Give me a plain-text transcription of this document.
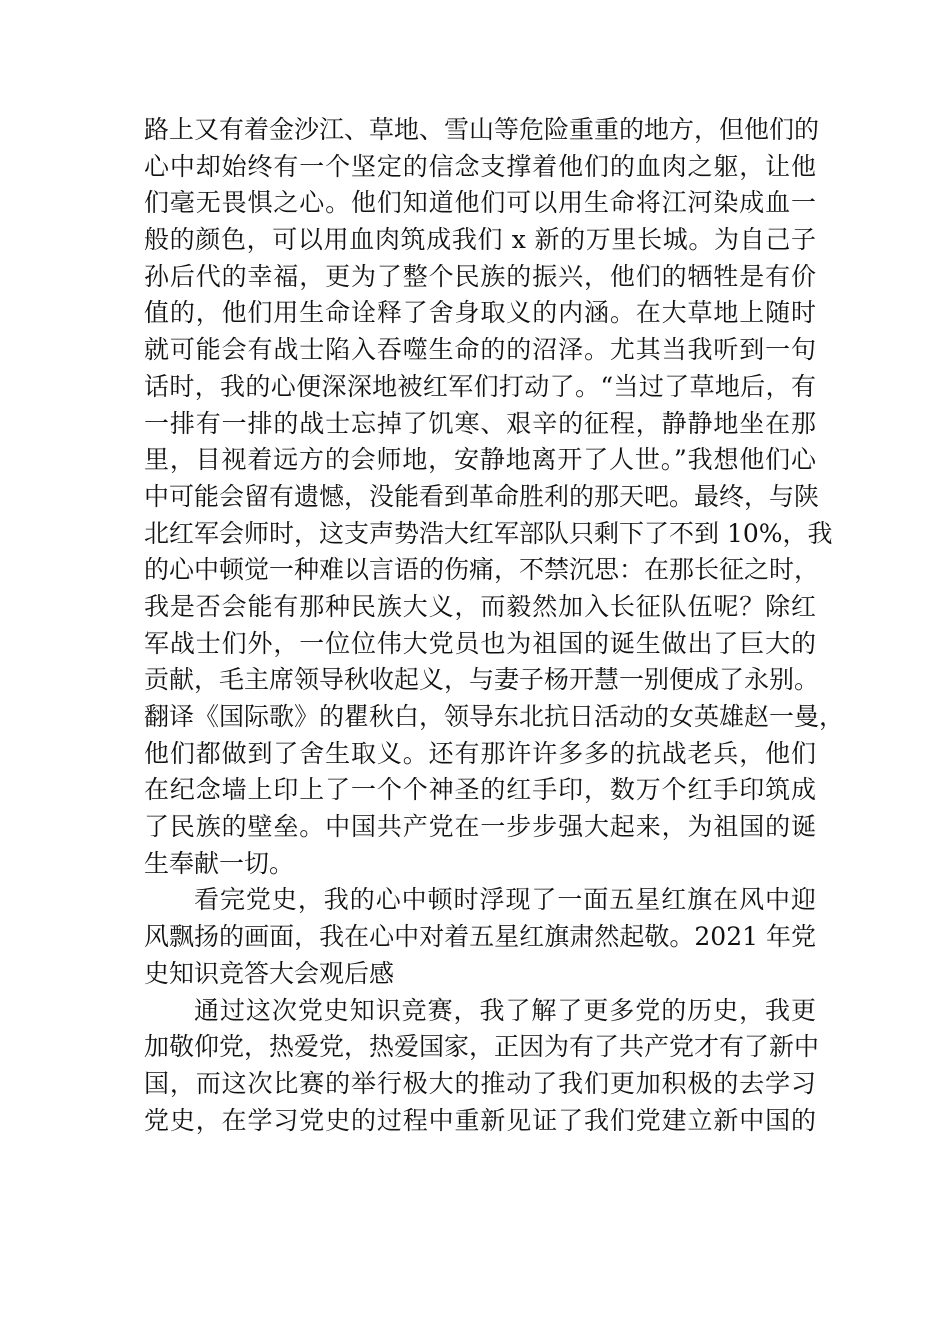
路上又有着金沙江、草地、雪山等危险重重的地方，但他们的
心中却始终有一个坚定的信念支撑着他们的血肉之躯，让他
们毫无畏惧之心。他们知道他们可以用生命将江河染成血一
般的颜色，可以用血肉筑成我们 x 新的万里长城。为自己子
孙后代的幸福，更为了整个民族的振兴，他们的牺牲是有价
值的，他们用生命诠释了舍身取义的内涵。在大草地上随时
就可能会有战士陷入吞噬生命的的沼泽。尤其当我听到一句
话时，我的心便深深地被红军们打动了。“当过了草地后，有
一排有一排的战士忘掉了饥寒、艰辛的征程，静静地坐在那
里，目视着远方的会师地，安静地离开了人世。”我想他们心
中可能会留有遗憾，没能看到革命胜利的那天吧。最终，与陕
北红军会师时，这支声势浩大红军部队只剩下了不到 10%，我
的心中顿觉一种难以言语的伤痛，不禁沉思：在那长征之时，
我是否会能有那种民族大义，而毅然加入长征队伍呢？除红
军战士们外，一位位伟大党员也为祖国的诞生做出了巨大的
贡献，毛主席领导秋收起义，与妻子杨开慧一别便成了永别。
翻译《国际歌》的瞿秋白，领导东北抗日活动的女英雄赵一曼，
他们都做到了舍生取义。还有那许许多多的抗战老兵，他们
在纪念墙上印上了一个个神圣的红手印，数万个红手印筑成
了民族的壁垒。中国共产党在一步步强大起来，为祖国的诞
生奉献一切。
看完党史，我的心中顿时浮现了一面五星红旗在风中迎
风飘扬的画面，我在心中对着五星红旗肃然起敬。2021 年党
史知识竞答大会观后感
通过这次党史知识竞赛，我了解了更多党的历史，我更
加敬仰党，热爱党，热爱国家，正因为有了共产党才有了新中
国，而这次比赛的举行极大的推动了我们更加积极的去学习
党史，在学习党史的过程中重新见证了我们党建立新中国的
